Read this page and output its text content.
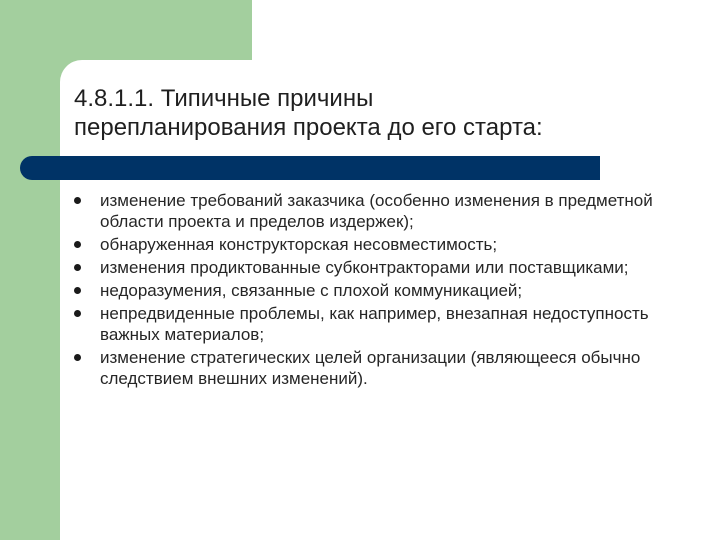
4.8.1.1. Типичные причины
перепланирования проекта до его старта:
изменение требований заказчика (особенно изменения в предметной области проекта и пределов издержек);
обнаруженная конструкторская несовместимость;
изменения продиктованные субконтракторами или поставщиками;
недоразумения, связанные с плохой коммуникацией;
непредвиденные проблемы, как например, внезапная недоступность важных материалов;
изменение стратегических целей организации (являющееся обычно следствием внешних изменений).
